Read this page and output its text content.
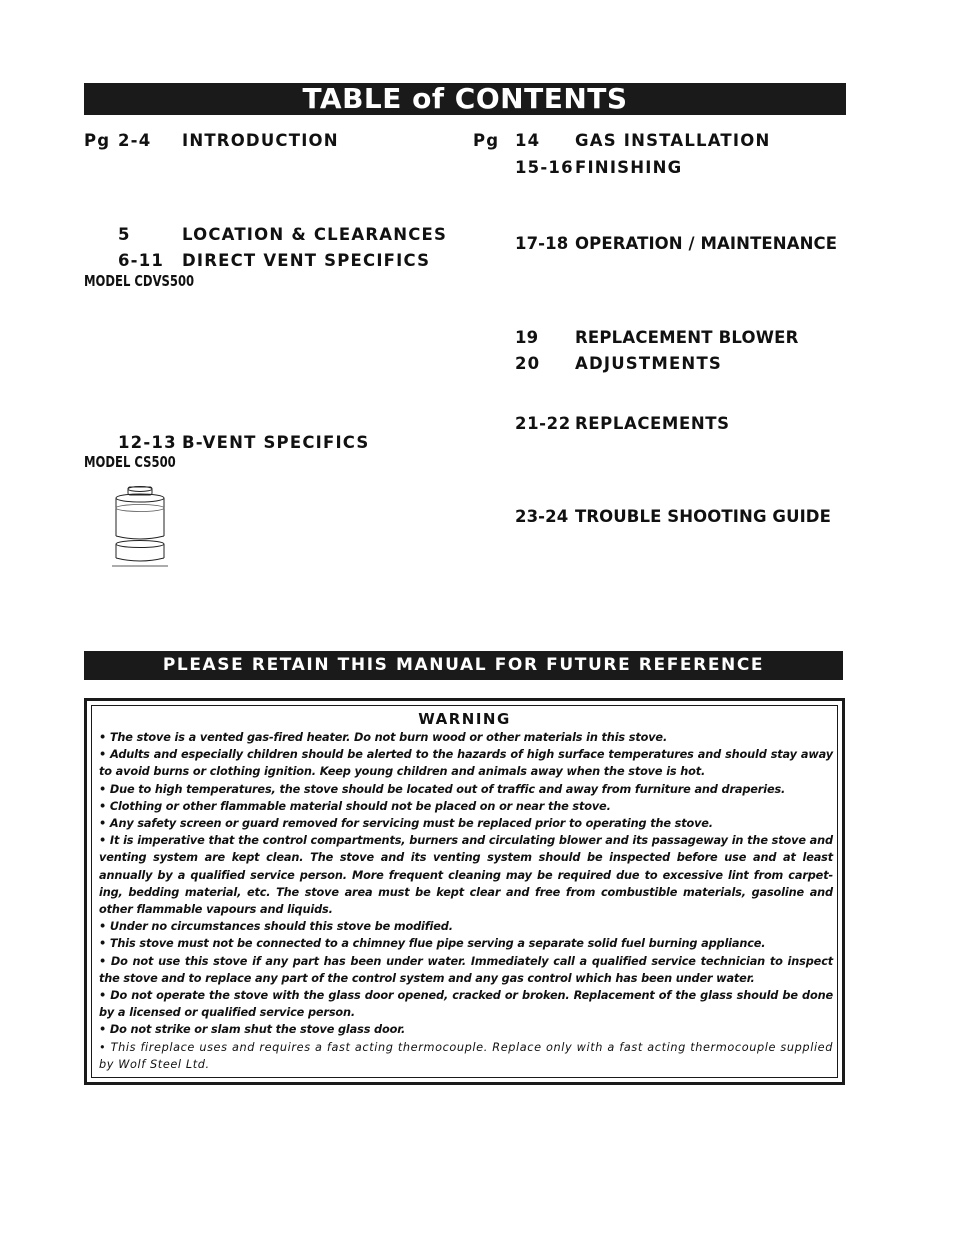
TABLE of CONTENTS
Pg 2-4 INTRODUCTION
5	LOCATION & CLEARANCES
6-11 DIRECT VENT SPECIFICS
MODEL CDVS500
12-13 B-VENT SPECIFICS
MODEL CS500
Pg 14 GAS INSTALLATION
15-16 FINISHING
17-18 OPERATION / MAINTENANCE
19 REPLACEMENT BLOWER
20 ADJUSTMENTS
21-22 REPLACEMENTS
23-24 TROUBLE SHOOTING GUIDE
PLEASE RETAIN THIS MANUAL FOR FUTURE REFERENCE
WARNING

• The stove is a vented gas-fired heater. Do not burn wood or other materials in this stove.

• Adults and especially children should be alerted to the hazards of high surface temperatures and should stay away to avoid burns or clothing ignition. Keep young children and animals away when the stove is hot.

• Due to high temperatures, the stove should be located out of traffic and away from furniture and draperies.

• Clothing or other flammable material should not be placed on or near the stove.

• Any safety screen or guard removed for servicing must be replaced prior to operating the stove.

• It is imperative that the control compartments, burners and circulating blower and its passageway in the stove and venting system are kept clean. The stove and its venting system should be inspected before use and at least annually by a qualified service person. More frequent cleaning may be required due to excessive lint from carpet-ing, bedding material, etc. The stove area must be kept clear and free from combustible materials, gasoline and other flammable vapours and liquids.

• Under no circumstances should this stove be modified.

• This stove must not be connected to a chimney flue pipe serving a separate solid fuel burning appliance.

• Do not use this stove if any part has been under water. Immediately call a qualified service technician to inspect the stove and to replace any part of the control system and any gas control which has been under water.

• Do not operate the stove with the glass door opened, cracked or broken. Replacement of the glass should be done by a licensed or qualified service person.

• Do not strike or slam shut the stove glass door.

• This fireplace uses and requires a fast acting thermocouple. Replace only with a fast acting thermocouple supplied by Wolf Steel Ltd.
